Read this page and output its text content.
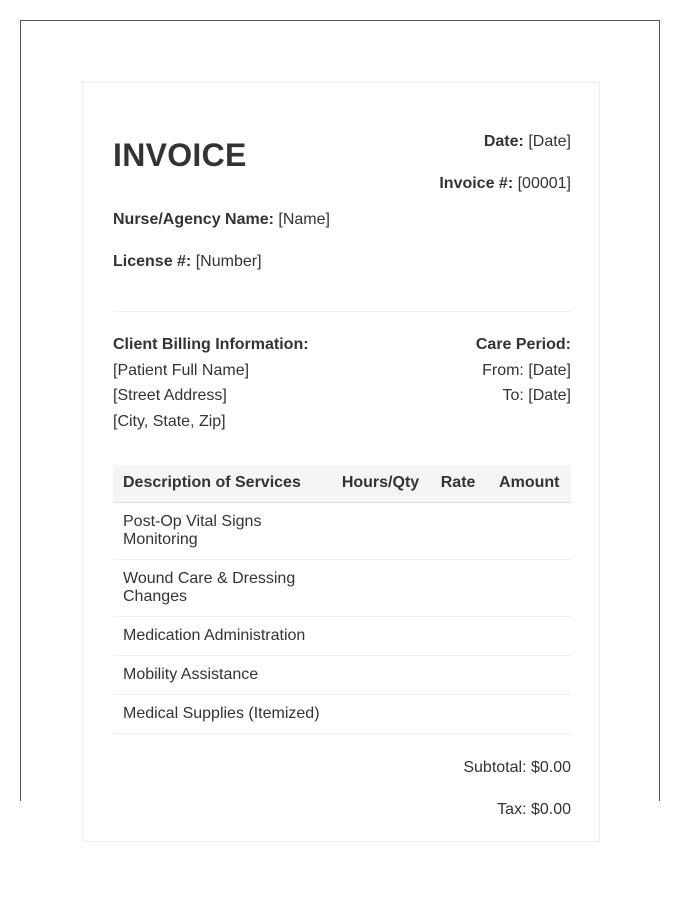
INVOICE	Date: [Date]
Invoice #: [00001]
Nurse/Agency Name: [Name]
License #: [Number]
Client Billing Information:
[Patient Full Name]
[Street Address]
[City, State, Zip]
Care Period:
From: [Date]
To: [Date]
Description of Services	Hours/Qty	Rate	Amount
Post-Op Vital Signs Monitoring			
Wound Care & Dressing Changes			
Medication Administration			
Mobility Assistance			
Medical Supplies (Itemized)			
Subtotal: $0.00
Tax: $0.00
